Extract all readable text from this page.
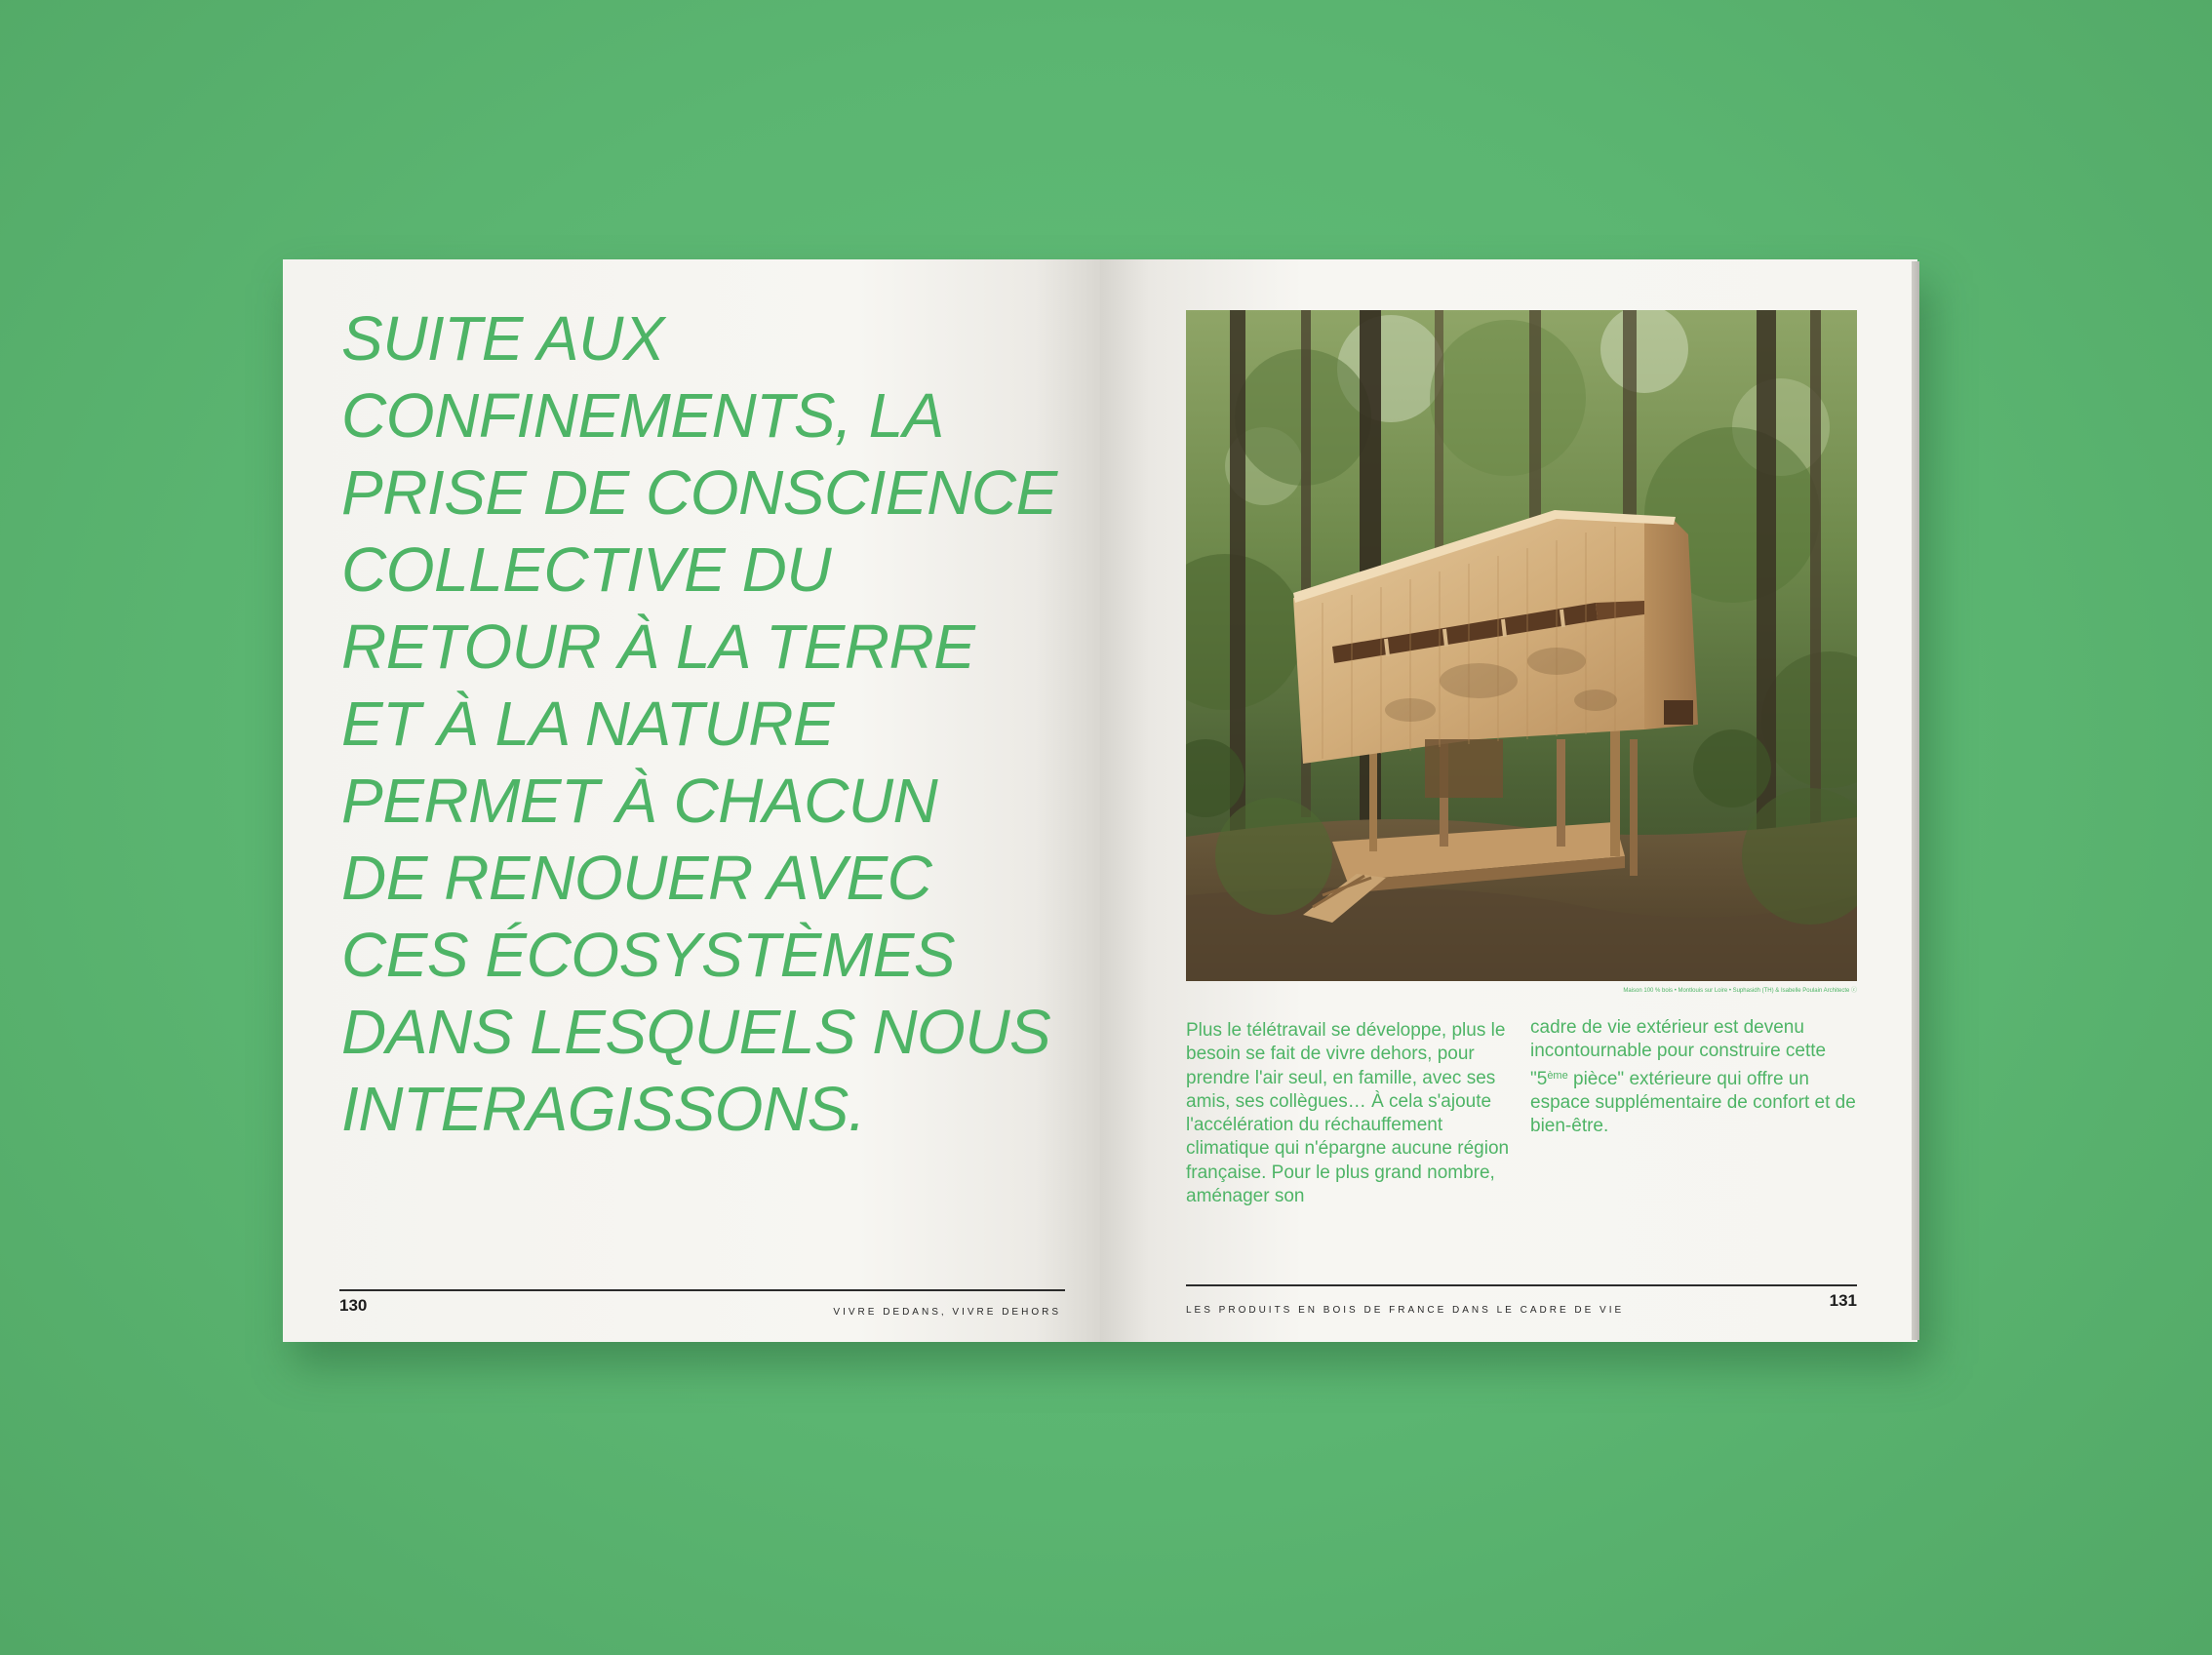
SUITE AUX
CONFINEMENTS, LA
PRISE DE CONSCIENCE
COLLECTIVE DU
RETOUR À LA TERRE
ET À LA NATURE
PERMET À CHACUN
DE RENOUER AVEC
CES ÉCOSYSTÈMES
DANS LESQUELS NOUS
INTERAGISSONS.

130	VIVRE DEDANS, VIVRE DEHORS
Maison 100 % bois • Montlouis sur Loire • Suphasidh (TH) & Isabelle Poulain Architecte ⓒ

Plus le télétravail se développe, plus le besoin se fait de vivre dehors, pour prendre l'air seul, en famille, avec ses amis, ses collègues… À cela s'ajoute l'accélération du réchauffement climatique qui n'épargne aucune région française. Pour le plus grand nombre, aménager son

cadre de vie extérieur est devenu incontournable pour construire cette "5ème pièce" extérieure qui offre un espace supplémentaire de confort et de bien-être.

LES PRODUITS EN BOIS DE FRANCE DANS LE CADRE DE VIE
131
